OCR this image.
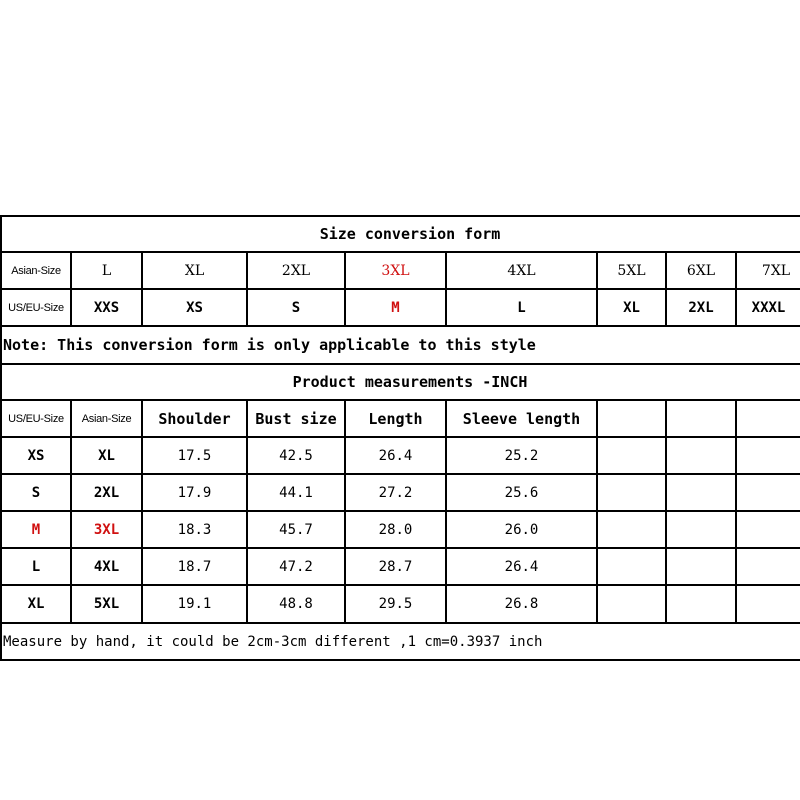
Size conversion form
Asian-Size	L	XL	2XL	3XL	4XL	5XL	6XL	7XL
US/EU-Size	XXS	XS	S	M	L	XL	2XL	XXXL
Note: This conversion form is only applicable to this style
Product measurements -INCH
US/EU-Size	Asian-Size	Shoulder	Bust size	Length	Sleeve length
XS	XL	17.5	42.5	26.4	25.2
S	2XL	17.9	44.1	27.2	25.6
M	3XL	18.3	45.7	28.0	26.0
L	4XL	18.7	47.2	28.7	26.4
XL	5XL	19.1	48.8	29.5	26.8
Measure by hand, it could be 2cm-3cm different ,1 cm=0.3937 inch
